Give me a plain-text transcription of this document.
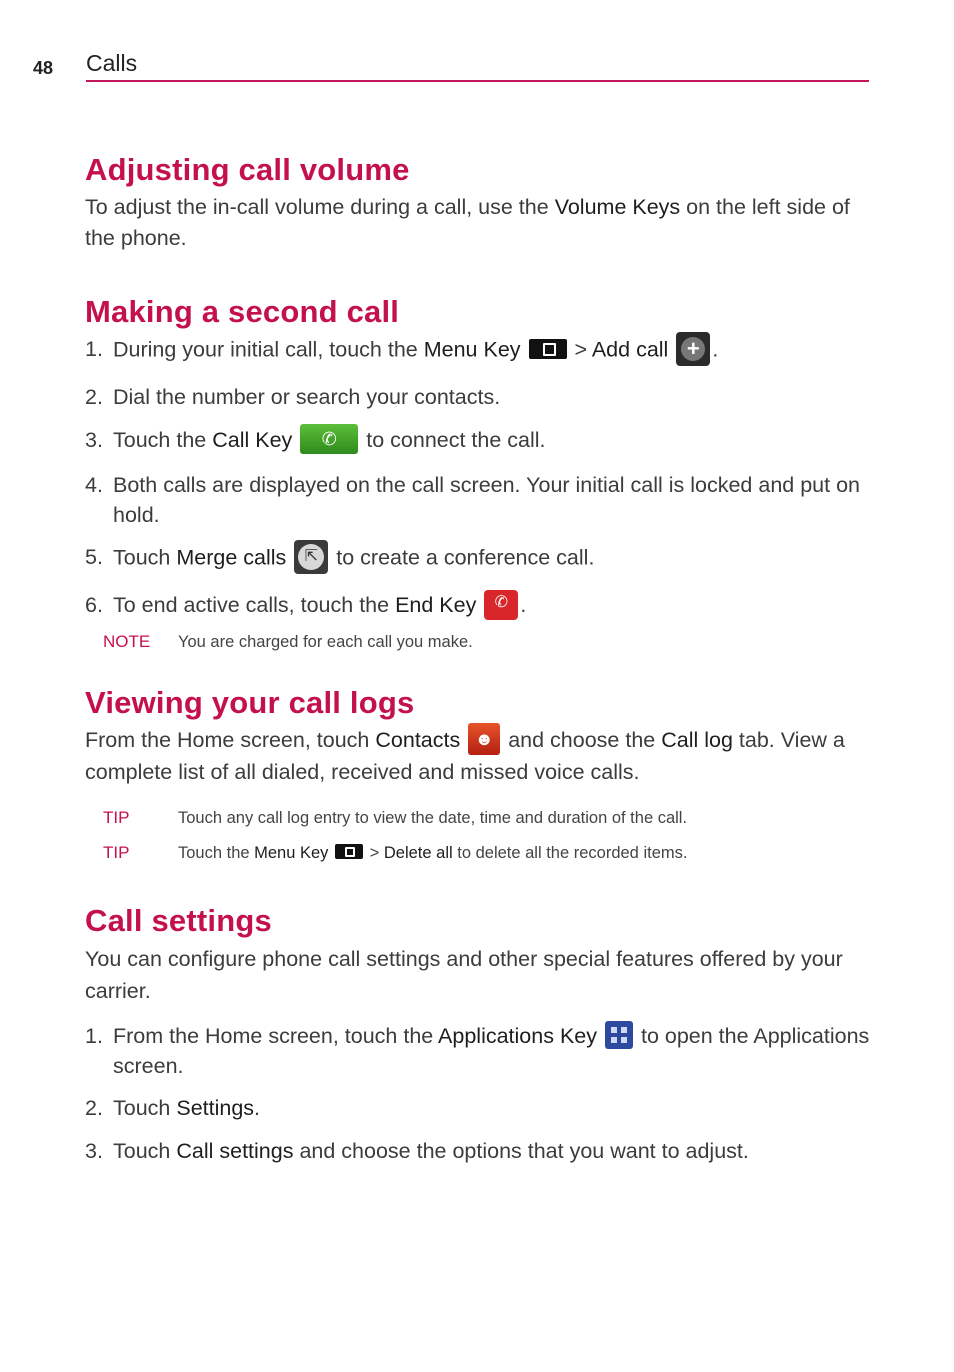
48 Calls
Adjusting call volume

To adjust the in-call volume during a call, use the Volume Keys on the left side of the phone.

Making a second call
1. During your initial call, touch the Menu Key	> Add call + .
2. Dial the number or search your contacts.
3. Touch the Call Key ✆ to connect the call.
4. Both calls are displayed on the call screen. Your initial call is locked and put on hold.
5. Touch Merge calls ⇱ to create a conference call.
6. To end active calls, touch the End Key ✆ .
NOTE You are charged for each call you make.
Viewing your call logs

From the Home screen, touch Contacts ☻ and choose the Call log tab. View a complete list of all dialed, received and missed voice calls.

TIP	Touch any call log entry to view the date, time and duration of the call.
TIP	Touch the Menu Key  > Delete all to delete all the recorded items.
Call settings

You can configure phone call settings and other special features offered by your carrier.

1. From the Home screen, touch the Applications Key  to open the Applications screen.
2. Touch Settings.
3. Touch Call settings and choose the options that you want to adjust.
